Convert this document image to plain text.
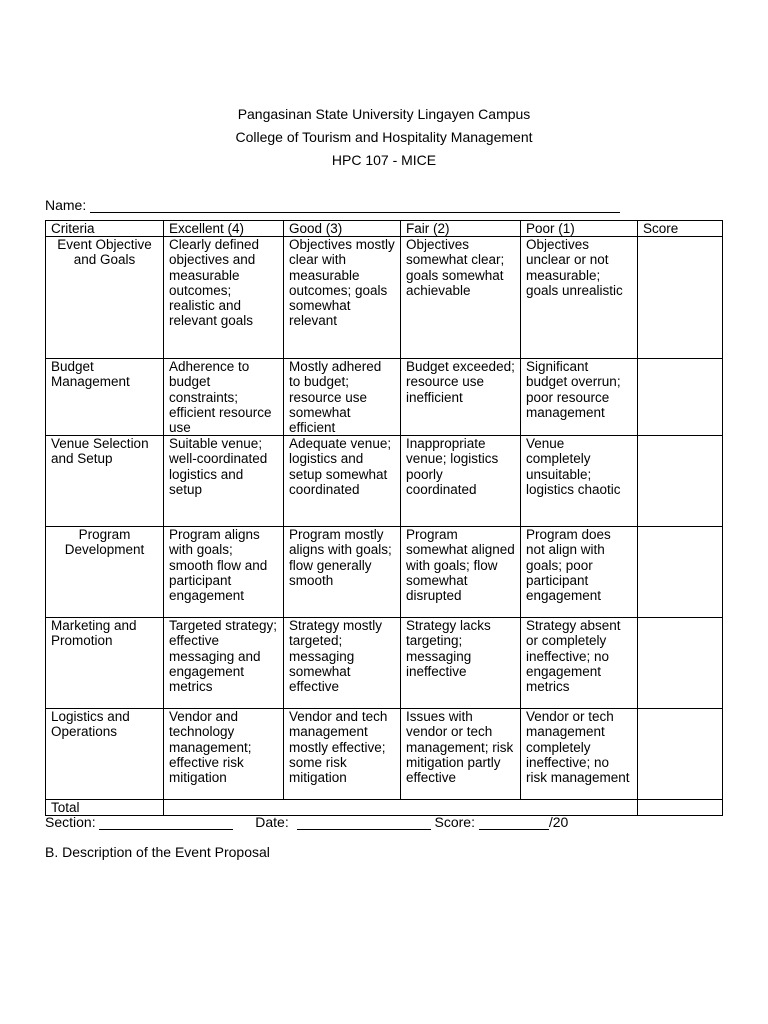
Pangasinan State University Lingayen Campus
College of Tourism and Hospitality Management
HPC 107 - MICE
Name:
Criteria	Excellent (4)	Good (3)	Fair (2)	Poor (1)	Score
Event Objective and Goals	Clearly defined objectives and measurable outcomes; realistic and relevant goals	Objectives mostly clear with measurable outcomes; goals somewhat relevant	Objectives somewhat clear; goals somewhat achievable	Objectives unclear or not measurable; goals unrealistic	
Budget Management	Adherence to budget constraints; efficient resource use	Mostly adhered to budget; resource use somewhat efficient	Budget exceeded; resource use inefficient	Significant budget overrun; poor resource management	
Venue Selection and Setup	Suitable venue; well-coordinated logistics and setup	Adequate venue; logistics and setup somewhat coordinated	Inappropriate venue; logistics poorly coordinated	Venue completely unsuitable; logistics chaotic	
Program Development	Program aligns with goals; smooth flow and participant engagement	Program mostly aligns with goals; flow generally smooth	Program somewhat aligned with goals; flow somewhat disrupted	Program does not align with goals; poor participant engagement	
Marketing and Promotion	Targeted strategy; effective messaging and engagement metrics	Strategy mostly targeted; messaging somewhat effective	Strategy lacks targeting; messaging ineffective	Strategy absent or completely ineffective; no engagement metrics	
Logistics and Operations	Vendor and technology management; effective risk mitigation	Vendor and tech management mostly effective; some risk mitigation	Issues with vendor or tech management; risk mitigation partly effective	Vendor or tech management completely ineffective; no risk management	
Total					
Section:	Date:	Score:	/20
B. Description of the Event Proposal
